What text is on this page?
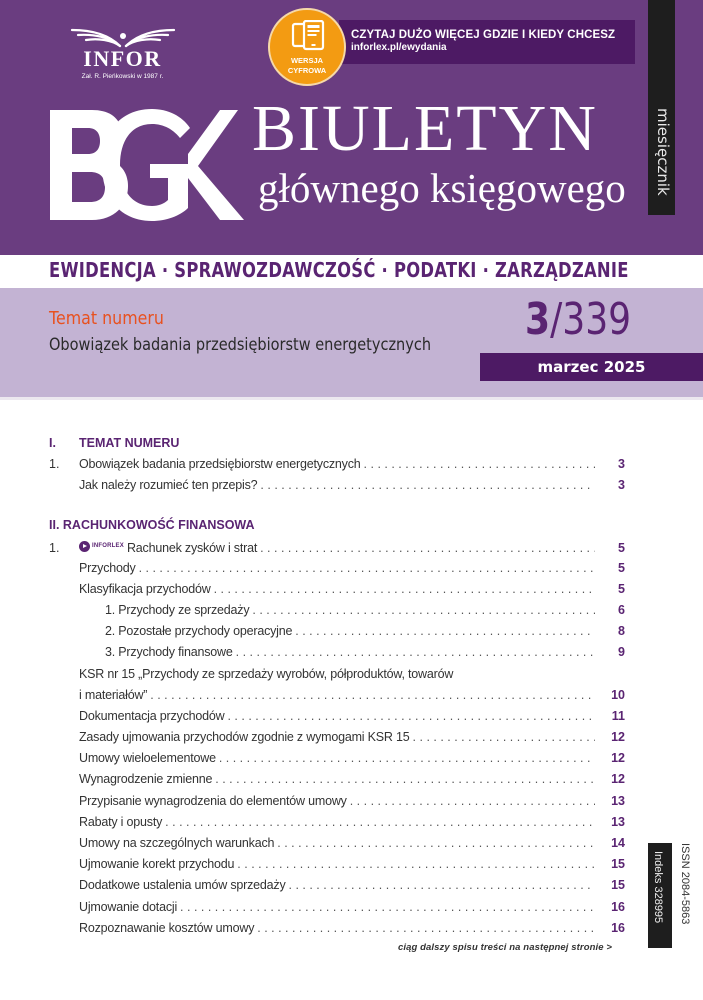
INFOR
Zał. R. Pieńkowski w 1987 r.
CZYTAJ DUŻO WIĘCEJ GDZIE I KIEDY CHCESZ
inforlex.pl/ewydania
WERSJA
CYFROWA
BIULETYN
głównego księgowego miesięcznik
EWIDENCJA · SPRAWOZDAWCZOŚĆ · PODATKI · ZARZĄDZANIE
Temat numeru
Obowiązek badania przedsiębiorstw energetycznych 3/339
marzec 2025
I. TEMAT NUMERU
1.	Obowiązek badania przedsiębiorstw energetycznych . . .	3
Jak należy rozumieć ten przepis? . . .	3
II. RACHUNKOWOŚĆ FINANSOWA
1.	INFORLEX Rachunek zysków i strat . . .	5
Przychody . . .	5
Klasyfikacja przychodów . . .	5
1. Przychody ze sprzedaży . . .	6
2. Pozostałe przychody operacyjne . . .	8
3. Przychody finansowe . . .	9
KSR nr 15 „Przychody ze sprzedaży wyrobów, półproduktów, towarów
i materiałów” . . .	10
Dokumentacja przychodów . . .	11
Zasady ujmowania przychodów zgodnie z wymogami KSR 15 . . .	12
Umowy wieloelementowe . . .	12
Wynagrodzenie zmienne . . .	12
Przypisanie wynagrodzenia do elementów umowy . . .	13
Rabaty i opusty . . .	13
Umowy na szczególnych warunkach . . .	14
Ujmowanie korekt przychodu . . .	15
Dodatkowe ustalenia umów sprzedaży . . .	15
Ujmowanie dotacji . . .	16
Rozpoznawanie kosztów umowy . . .	16
ciąg dalszy spisu treści na następnej stronie >
Indeks 328995 ISSN 2084-5863
